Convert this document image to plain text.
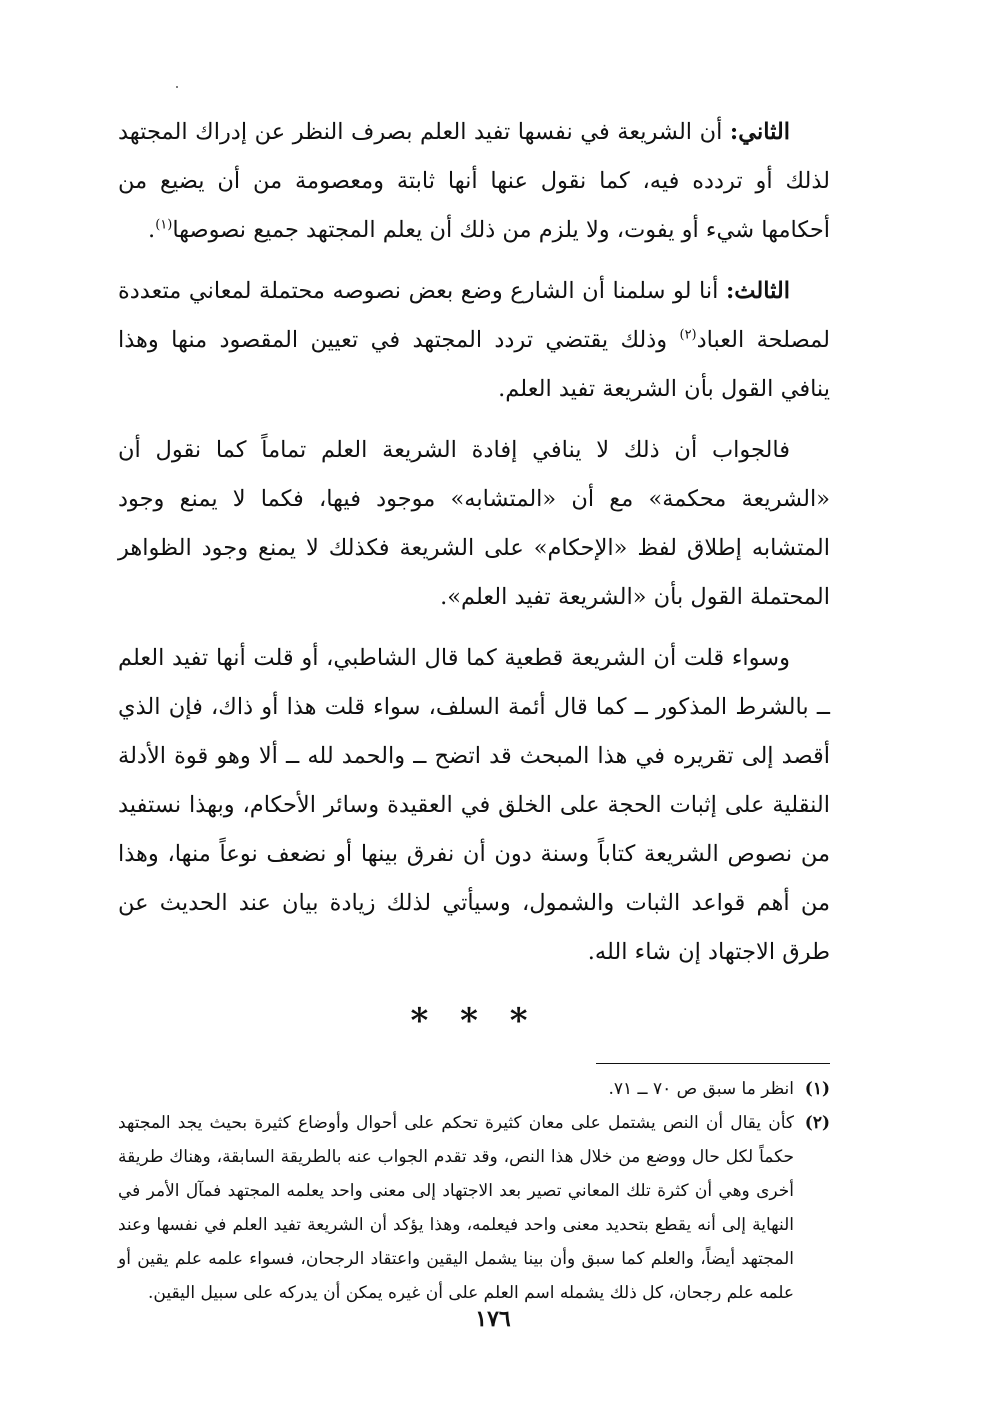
الثاني: أن الشريعة في نفسها تفيد العلم بصرف النظر عن إدراك المجتهد لذلك أو تردده فيه، كما نقول عنها أنها ثابتة ومعصومة من أن يضيع من أحكامها شيء أو يفوت، ولا يلزم من ذلك أن يعلم المجتهد جميع نصوصها$^{(١)}$.

الثالث: أنا لو سلمنا أن الشارع وضع بعض نصوصه محتملة لمعاني متعددة لمصلحة العباد$^{(٢)}$ وذلك يقتضي تردد المجتهد في تعيين المقصود منها وهذا ينافي القول بأن الشريعة تفيد العلم.

فالجواب أن ذلك لا ينافي إفادة الشريعة العلم تماماً كما نقول أن «الشريعة محكمة» مع أن «المتشابه» موجود فيها، فكما لا يمنع وجود المتشابه إطلاق لفظ «الإحكام» على الشريعة فكذلك لا يمنع وجود الظواهر المحتملة القول بأن «الشريعة تفيد العلم».

وسواء قلت أن الشريعة قطعية كما قال الشاطبي، أو قلت أنها تفيد العلم ــ بالشرط المذكور ــ كما قال أئمة السلف، سواء قلت هذا أو ذاك، فإن الذي أقصد إلى تقريره في هذا المبحث قد اتضح ــ والحمد لله ــ ألا وهو قوة الأدلة النقلية على إثبات الحجة على الخلق في العقيدة وسائر الأحكام، وبهذا نستفيد من نصوص الشريعة كتاباً وسنة دون أن نفرق بينها أو نضعف نوعاً منها، وهذا من أهم قواعد الثبات والشمول، وسيأتي لذلك زيادة بيان عند الحديث عن طرق الاجتهاد إن شاء الله.

* * *
(١)
انظر ما سبق ص ٧٠ ــ ٧١.
(٢)
كأن يقال أن النص يشتمل على معان كثيرة تحكم على أحوال وأوضاع كثيرة بحيث يجد المجتهد حكماً لكل حال ووضع من خلال هذا النص، وقد تقدم الجواب عنه بالطريقة السابقة، وهناك طريقة أخرى وهي أن كثرة تلك المعاني تصير بعد الاجتهاد إلى معنى واحد يعلمه المجتهد فمآل الأمر في النهاية إلى أنه يقطع بتحديد معنى واحد فيعلمه، وهذا يؤكد أن الشريعة تفيد العلم في نفسها وعند المجتهد أيضاً، والعلم كما سبق وأن بينا يشمل اليقين واعتقاد الرجحان، فسواء علمه علم يقين أو علمه علم رجحان، كل ذلك يشمله اسم العلم على أن غيره يمكن أن يدركه على سبيل اليقين.
١٧٦
